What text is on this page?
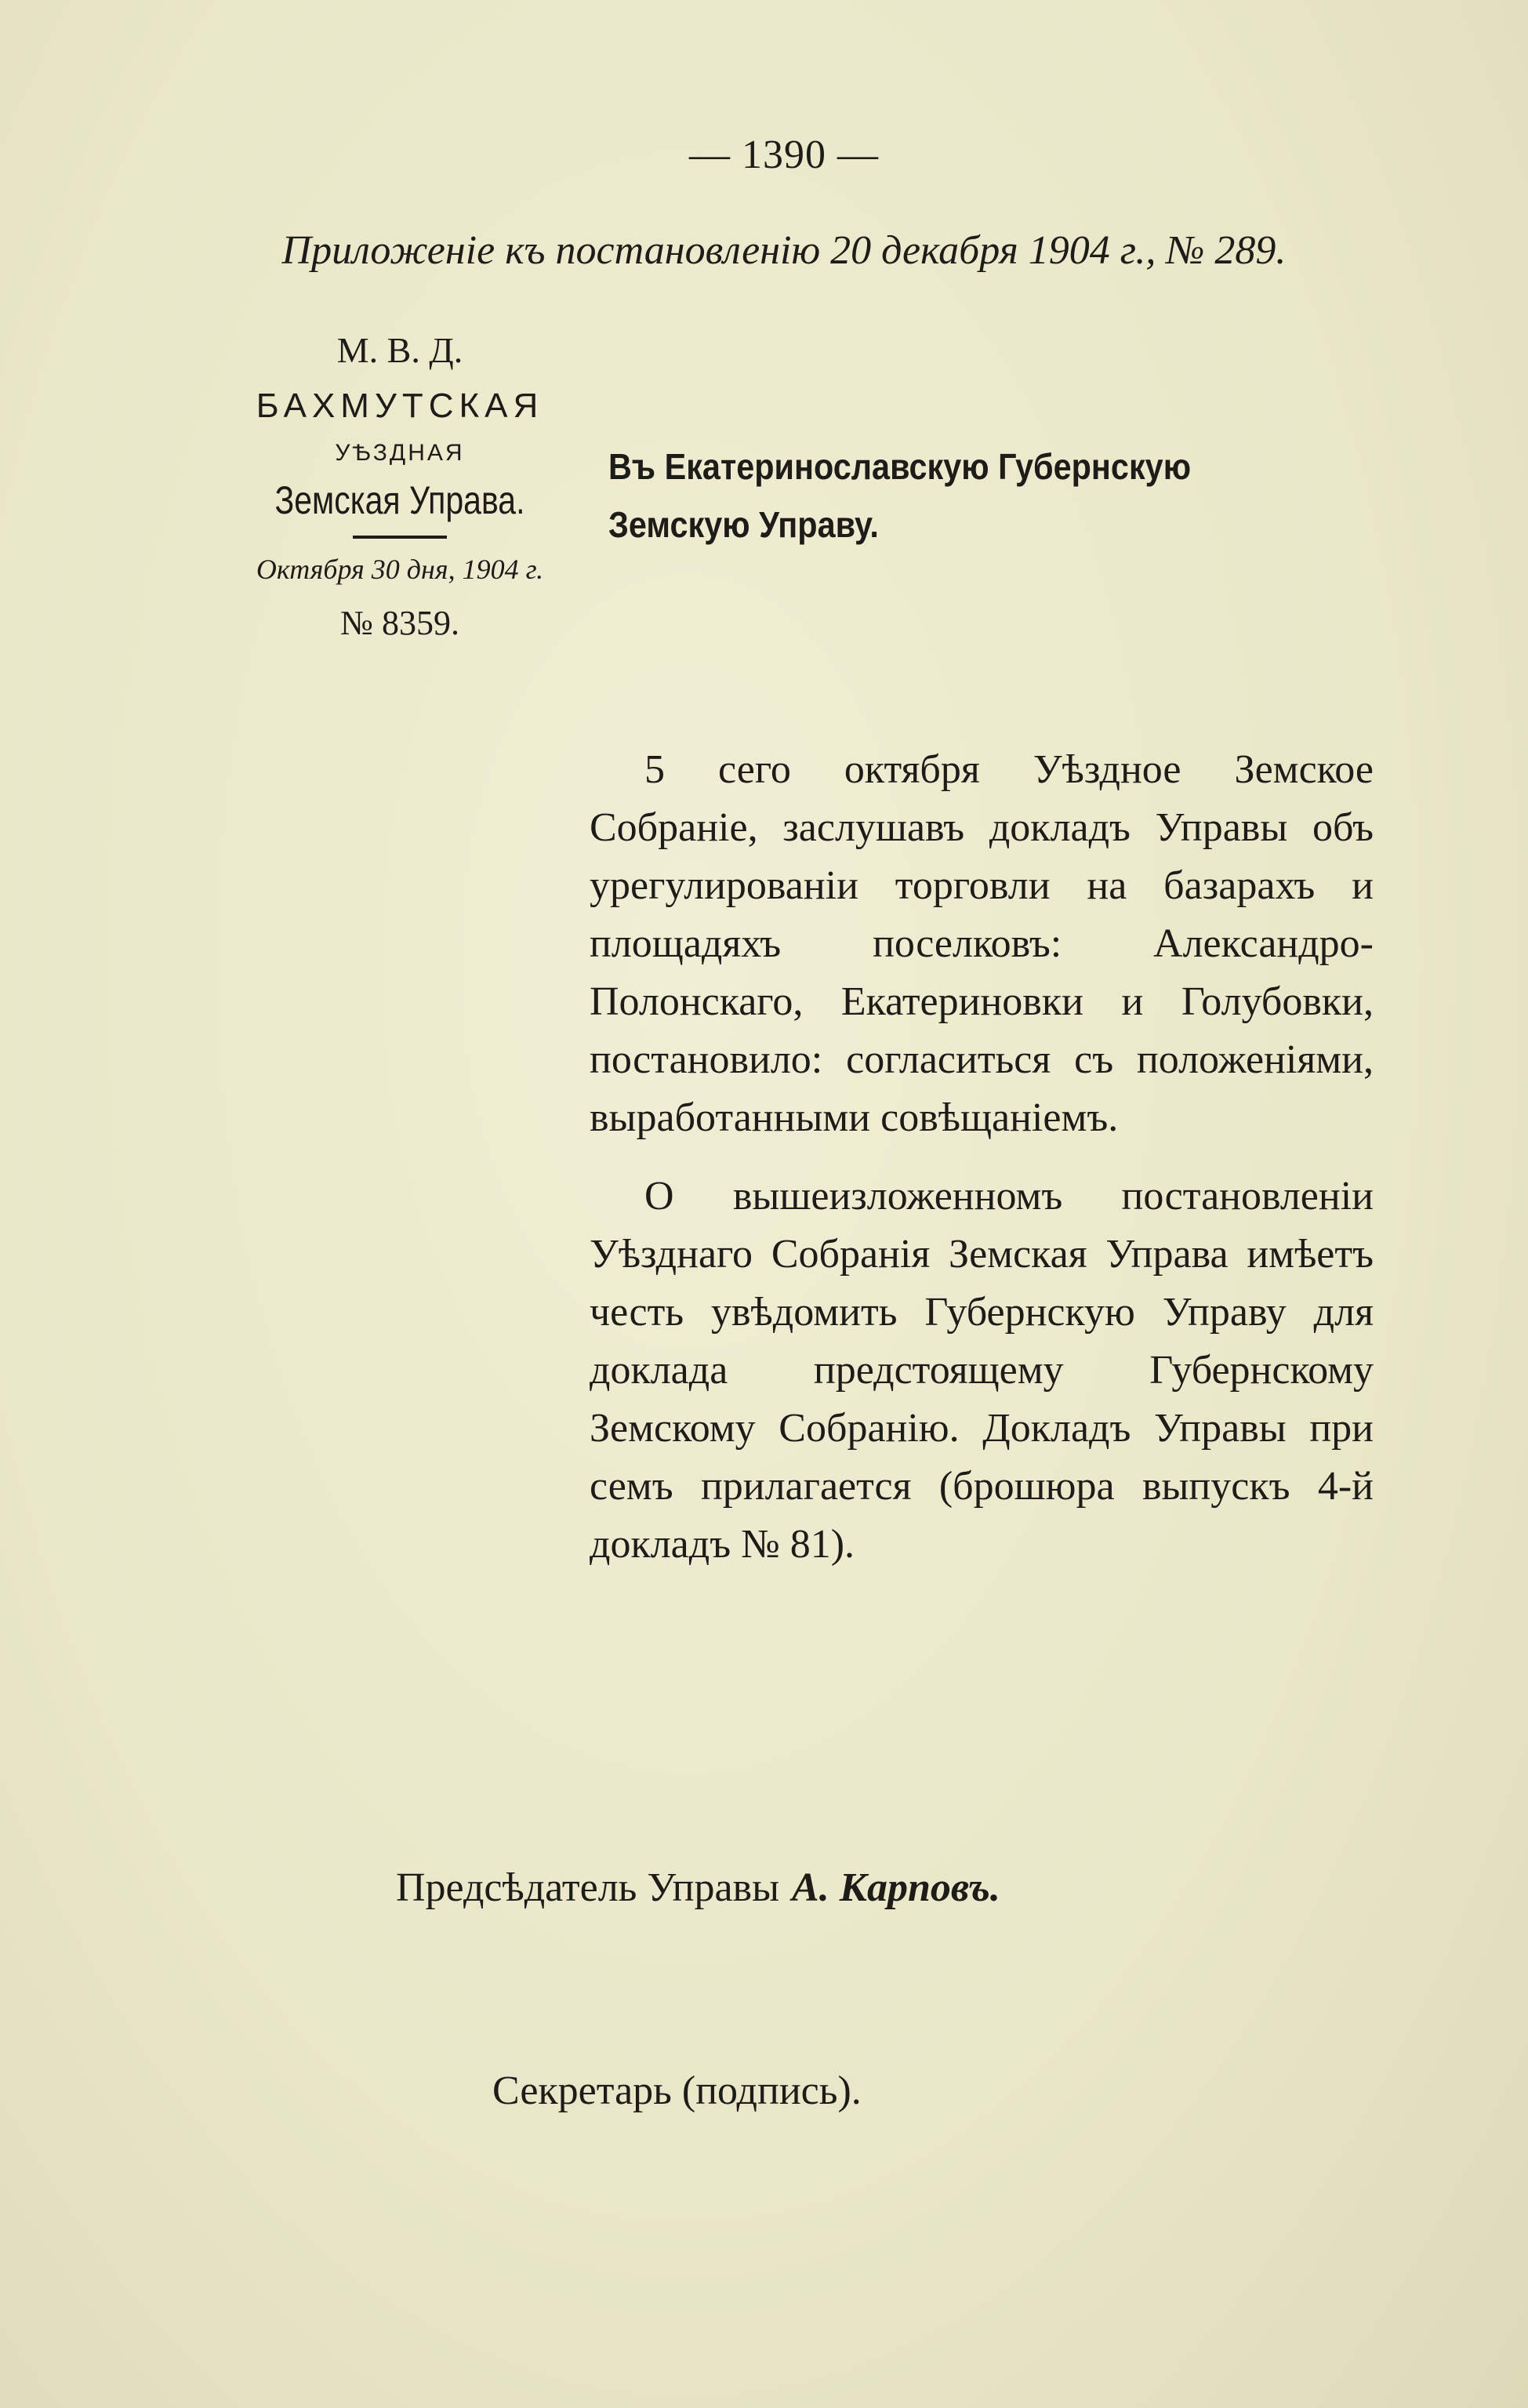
— 1390 —
Приложеніе къ постановленію 20 декабря 1904 г., № 289.
М. В. Д.
БАХМУТСКАЯ
УѢЗДНАЯ
Земская Управа.
Октября 30 дня, 1904 г.
№ 8359.
Въ Екатеринославскую Губернскую
Земскую Управу.

5 сего октября Уѣздное Земское Собраніе, заслушавъ докладъ Управы объ урегулированіи торговли на базарахъ и площадяхъ поселковъ: Александро-Полонскаго, Екатериновки и Голубовки, постановило: согласиться съ положеніями, выработанными совѣщаніемъ.

О вышеизложенномъ постановленіи Уѣзднаго Собранія Земская Управа имѣетъ честь увѣдомить Губернскую Управу для доклада предстоящему Губернскому Земскому Собранію. Докладъ Управы при семъ прилагается (брошюра выпускъ 4-й докладъ № 81).

Предсѣдатель Управы А. Карповъ.
Секретарь (подпись).
